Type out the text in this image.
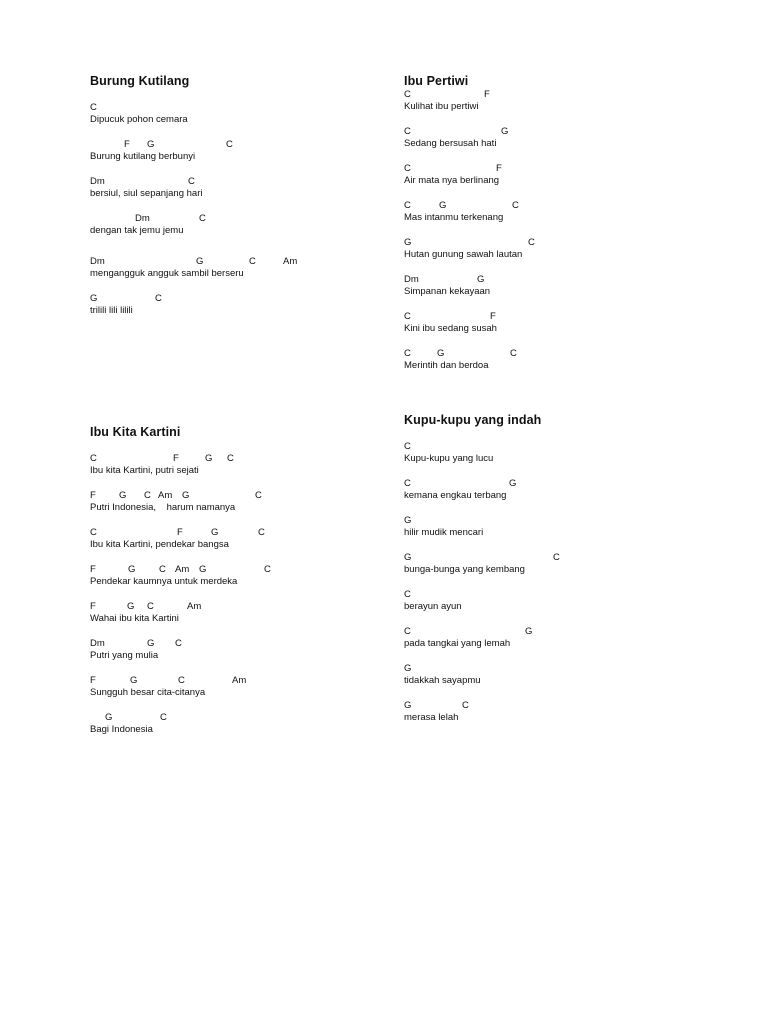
Burung Kutilang
C
Dipucuk pohon cemara
F G	C
Burung kutilang berbunyi
Dm	C
bersiul, siul sepanjang hari
Dm	C
dengan tak jemu jemu
Dm	G	C	Am
mengangguk angguk sambil berseru
G	C
trilili lili lilili
Ibu Pertiwi
C	F
Kulihat ibu pertiwi
C	G
Sedang bersusah hati
C	F
Air mata nya berlinang
C	G	C
Mas intanmu terkenang
G	C
Hutan gunung sawah lautan
Dm	G
Simpanan kekayaan
C	F
Kini ibu sedang susah
C	G	C
Merintih dan berdoa
Ibu Kita Kartini
C	F	G C
Ibu kita Kartini, putri sejati
F G C Am G	C
Putri Indonesia,    harum namanya
C	F	G	C
Ibu kita Kartini, pendekar bangsa
F	G C Am G	C
Pendekar kaumnya untuk merdeka
F	G C	Am
Wahai ibu kita Kartini
Dm	G C
Putri yang mulia
F	G	C	Am
Sungguh besar cita-citanya
G	C
Bagi Indonesia
Kupu-kupu yang indah
C
Kupu-kupu yang lucu
C	G
kemana engkau terbang
G
hilir mudik mencari
G	C
bunga-bunga yang kembang
C
berayun ayun
C	G
pada tangkai yang lemah
G
tidakkah sayapmu
G	C
merasa lelah
